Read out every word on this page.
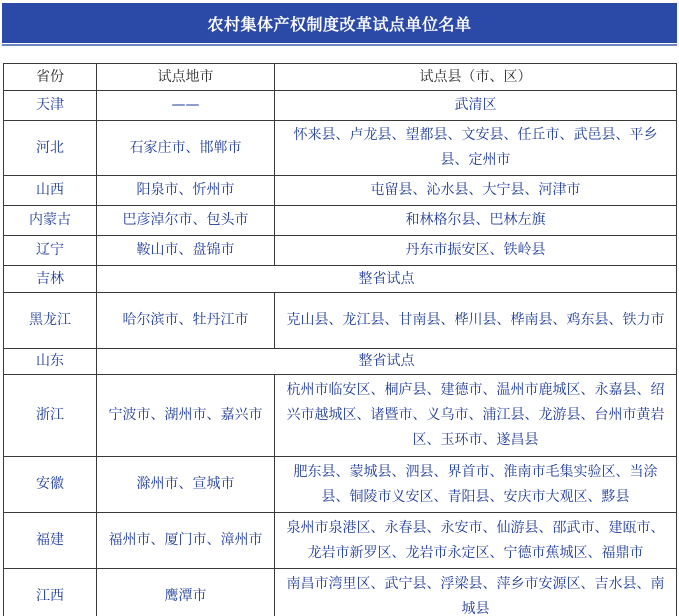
农村集体产权制度改革试点单位名单
省份	试点地市	试点县（市、区）
天津	——	武清区
河北	石家庄市、邯郸市	怀来县、卢龙县、望都县、文安县、任丘市、武邑县、平乡县、定州市
山西	阳泉市、忻州市	屯留县、沁水县、大宁县、河津市
内蒙古	巴彦淖尔市、包头市	和林格尔县、巴林左旗
辽宁	鞍山市、盘锦市	丹东市振安区、铁岭县
吉林	整省试点	
黑龙江	哈尔滨市、牡丹江市	克山县、龙江县、甘南县、桦川县、桦南县、鸡东县、铁力市
山东	整省试点	
浙江	宁波市、湖州市、嘉兴市	杭州市临安区、桐庐县、建德市、温州市鹿城区、永嘉县、绍兴市越城区、诸暨市、义乌市、浦江县、龙游县、台州市黄岩区、玉环市、遂昌县
安徽	滁州市、宣城市	肥东县、蒙城县、泗县、界首市、淮南市毛集实验区、当涂县、铜陵市义安区、青阳县、安庆市大观区、黟县
福建	福州市、厦门市、漳州市	泉州市泉港区、永春县、永安市、仙游县、邵武市、建瓯市、龙岩市新罗区、龙岩市永定区、宁德市蕉城区、福鼎市
江西	鹰潭市	南昌市湾里区、武宁县、浮梁县、萍乡市安源区、吉水县、南城县
